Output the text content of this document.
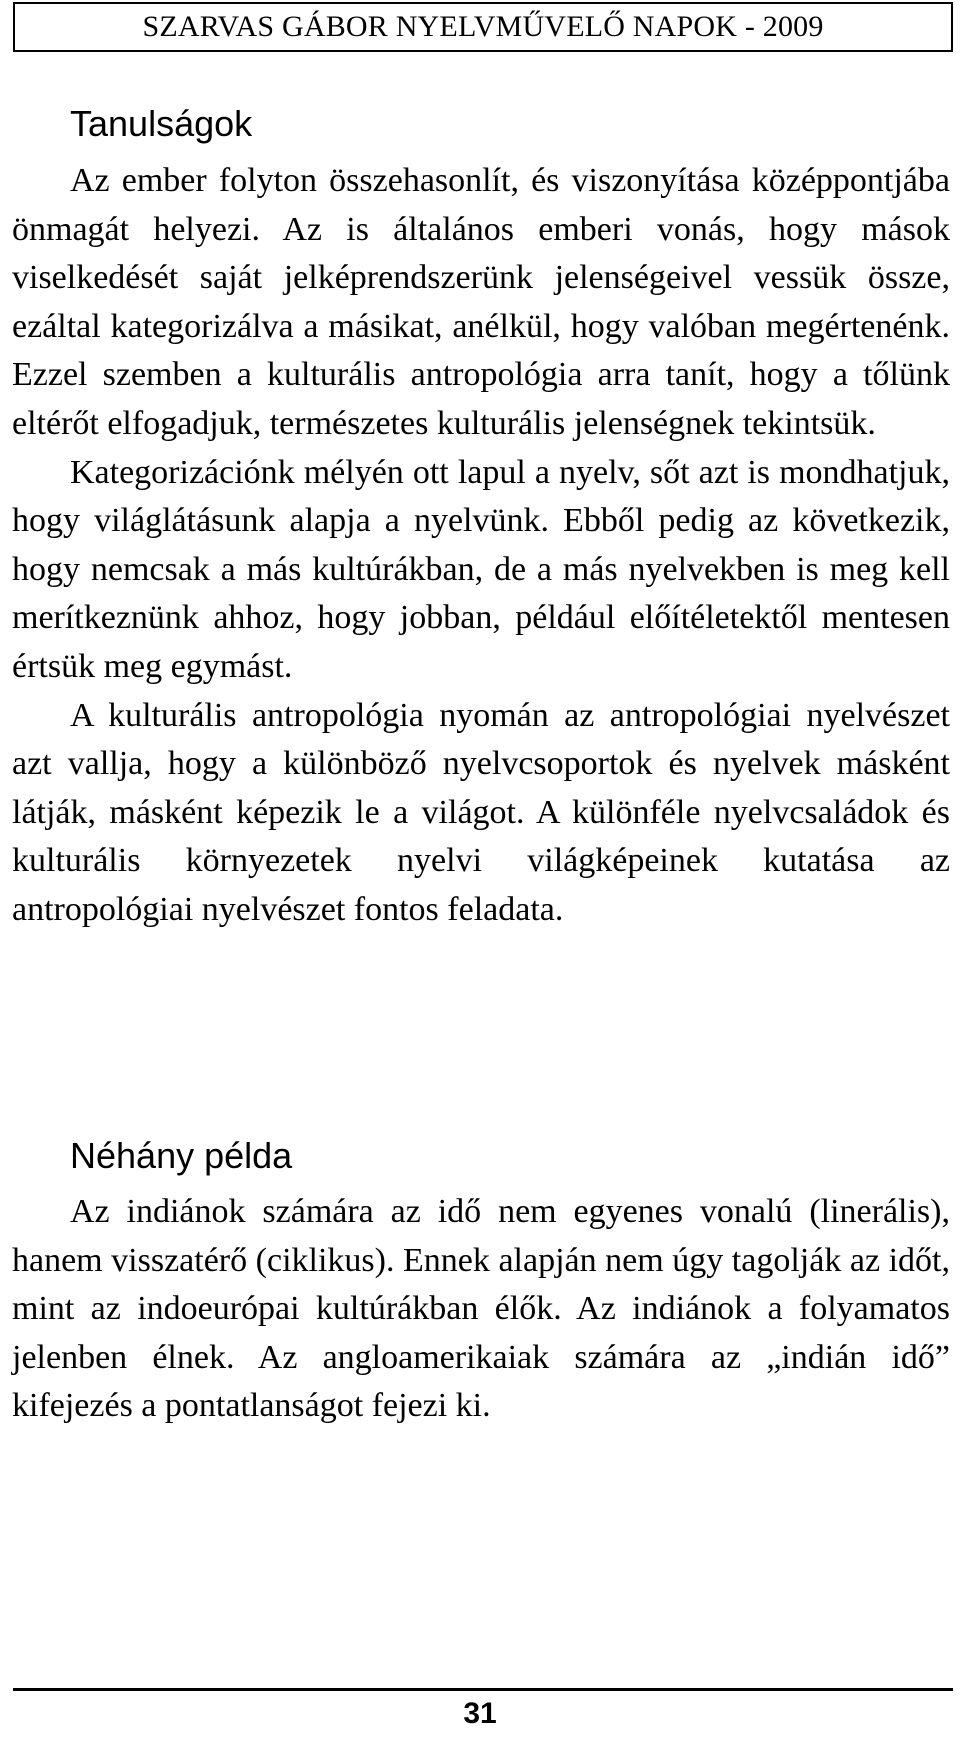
SZARVAS GÁBOR NYELVMŰVELŐ NAPOK - 2009
Tanulságok

Az ember folyton összehasonlít, és viszonyítása középpontjába önmagát helyezi. Az is általános emberi vonás, hogy mások viselkedését saját jelképrendszerünk jelenségeivel vessük össze, ezáltal kategorizálva a másikat, anélkül, hogy valóban megértenénk. Ezzel szemben a kulturális antropológia arra tanít, hogy a tőlünk eltérőt elfogadjuk, természetes kulturális jelenségnek tekintsük.

Kategorizációnk mélyén ott lapul a nyelv, sőt azt is mondhatjuk, hogy világlátásunk alapja a nyelvünk. Ebből pedig az következik, hogy nemcsak a más kultúrákban, de a más nyelvekben is meg kell merítkeznünk ahhoz, hogy jobban, például előítéletektől mentesen értsük meg egymást.

A kulturális antropológia nyomán az antropológiai nyelvészet azt vallja, hogy a különböző nyelvcsoportok és nyelvek másként látják, másként képezik le a világot. A különféle nyelvcsaládok és kulturális környezetek nyelvi világképeinek kutatása az antropológiai nyelvészet fontos feladata.

Néhány példa

Az indiánok számára az idő nem egyenes vonalú (linerális), hanem visszatérő (ciklikus). Ennek alapján nem úgy tagolják az időt, mint az indoeurópai kultúrákban élők. Az indiánok a folyamatos jelenben élnek. Az angloamerikaiak számára az „indián idő” kifejezés a pontatlanságot fejezi ki.

31
